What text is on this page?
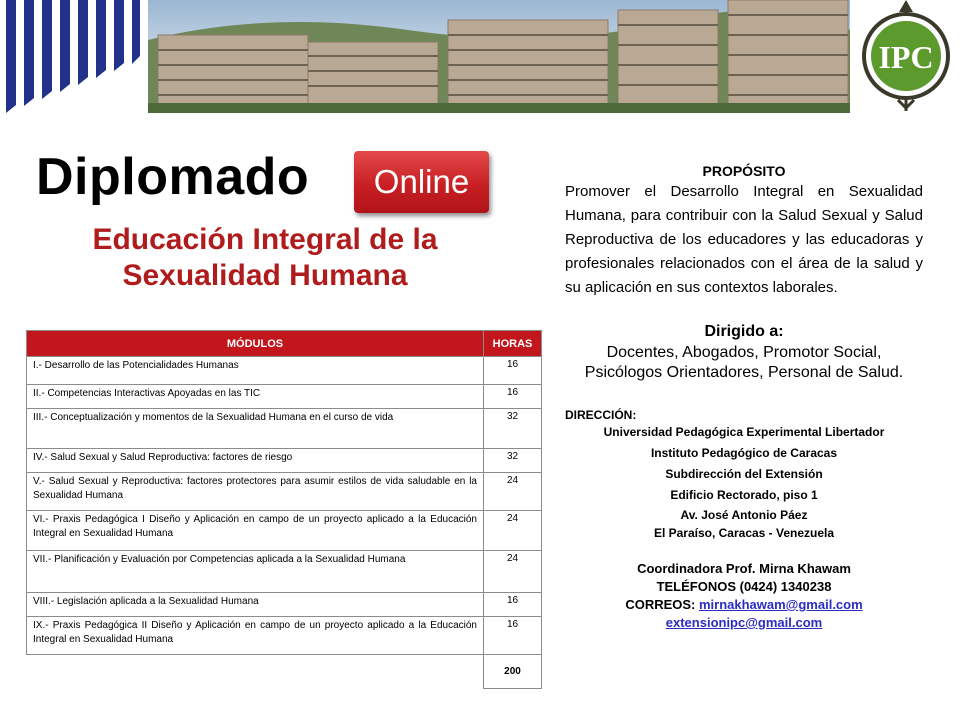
IPC
Diplomado	Online
Educación Integral de la
Sexualidad Humana
MÓDULOS	HORAS
I.- Desarrollo de las Potencialidades Humanas	16
II.- Competencias Interactivas Apoyadas en las TIC	16
III.- Conceptualización y momentos de la Sexualidad Humana en el curso de vida	32
IV.- Salud Sexual y Salud Reproductiva: factores de riesgo	32
V.- Salud Sexual y Reproductiva: factores protectores para asumir estilos de vida saludable en la Sexualidad Humana	24
VI.- Praxis Pedagógica I Diseño y Aplicación en campo de un proyecto aplicado a la Educación Integral en Sexualidad Humana	24
VII.- Planificación y Evaluación por Competencias aplicada a la Sexualidad Humana	24
VIII.- Legislación aplicada a la Sexualidad Humana	16
IX.- Praxis Pedagógica II Diseño y Aplicación en campo de un proyecto aplicado a la Educación Integral en Sexualidad Humana	16
	200
PROPÓSITO
Promover el Desarrollo Integral en Sexualidad Humana, para contribuir con la Salud Sexual y Salud Reproductiva de los educadores y las educadoras y profesionales relacionados con el área de la salud y su aplicación en sus contextos laborales.
Dirigido a:
Docentes, Abogados, Promotor Social,
Psicólogos Orientadores, Personal de Salud.
DIRECCIÓN:
Universidad Pedagógica Experimental Libertador
Instituto Pedagógico de Caracas
Subdirección del Extensión
Edificio Rectorado, piso 1
Av. José Antonio Páez
El Paraíso, Caracas - Venezuela
Coordinadora Prof. Mirna Khawam
TELÉFONOS (0424) 1340238
CORREOS: mirnakhawam@gmail.com
extensionipc@gmail.com
